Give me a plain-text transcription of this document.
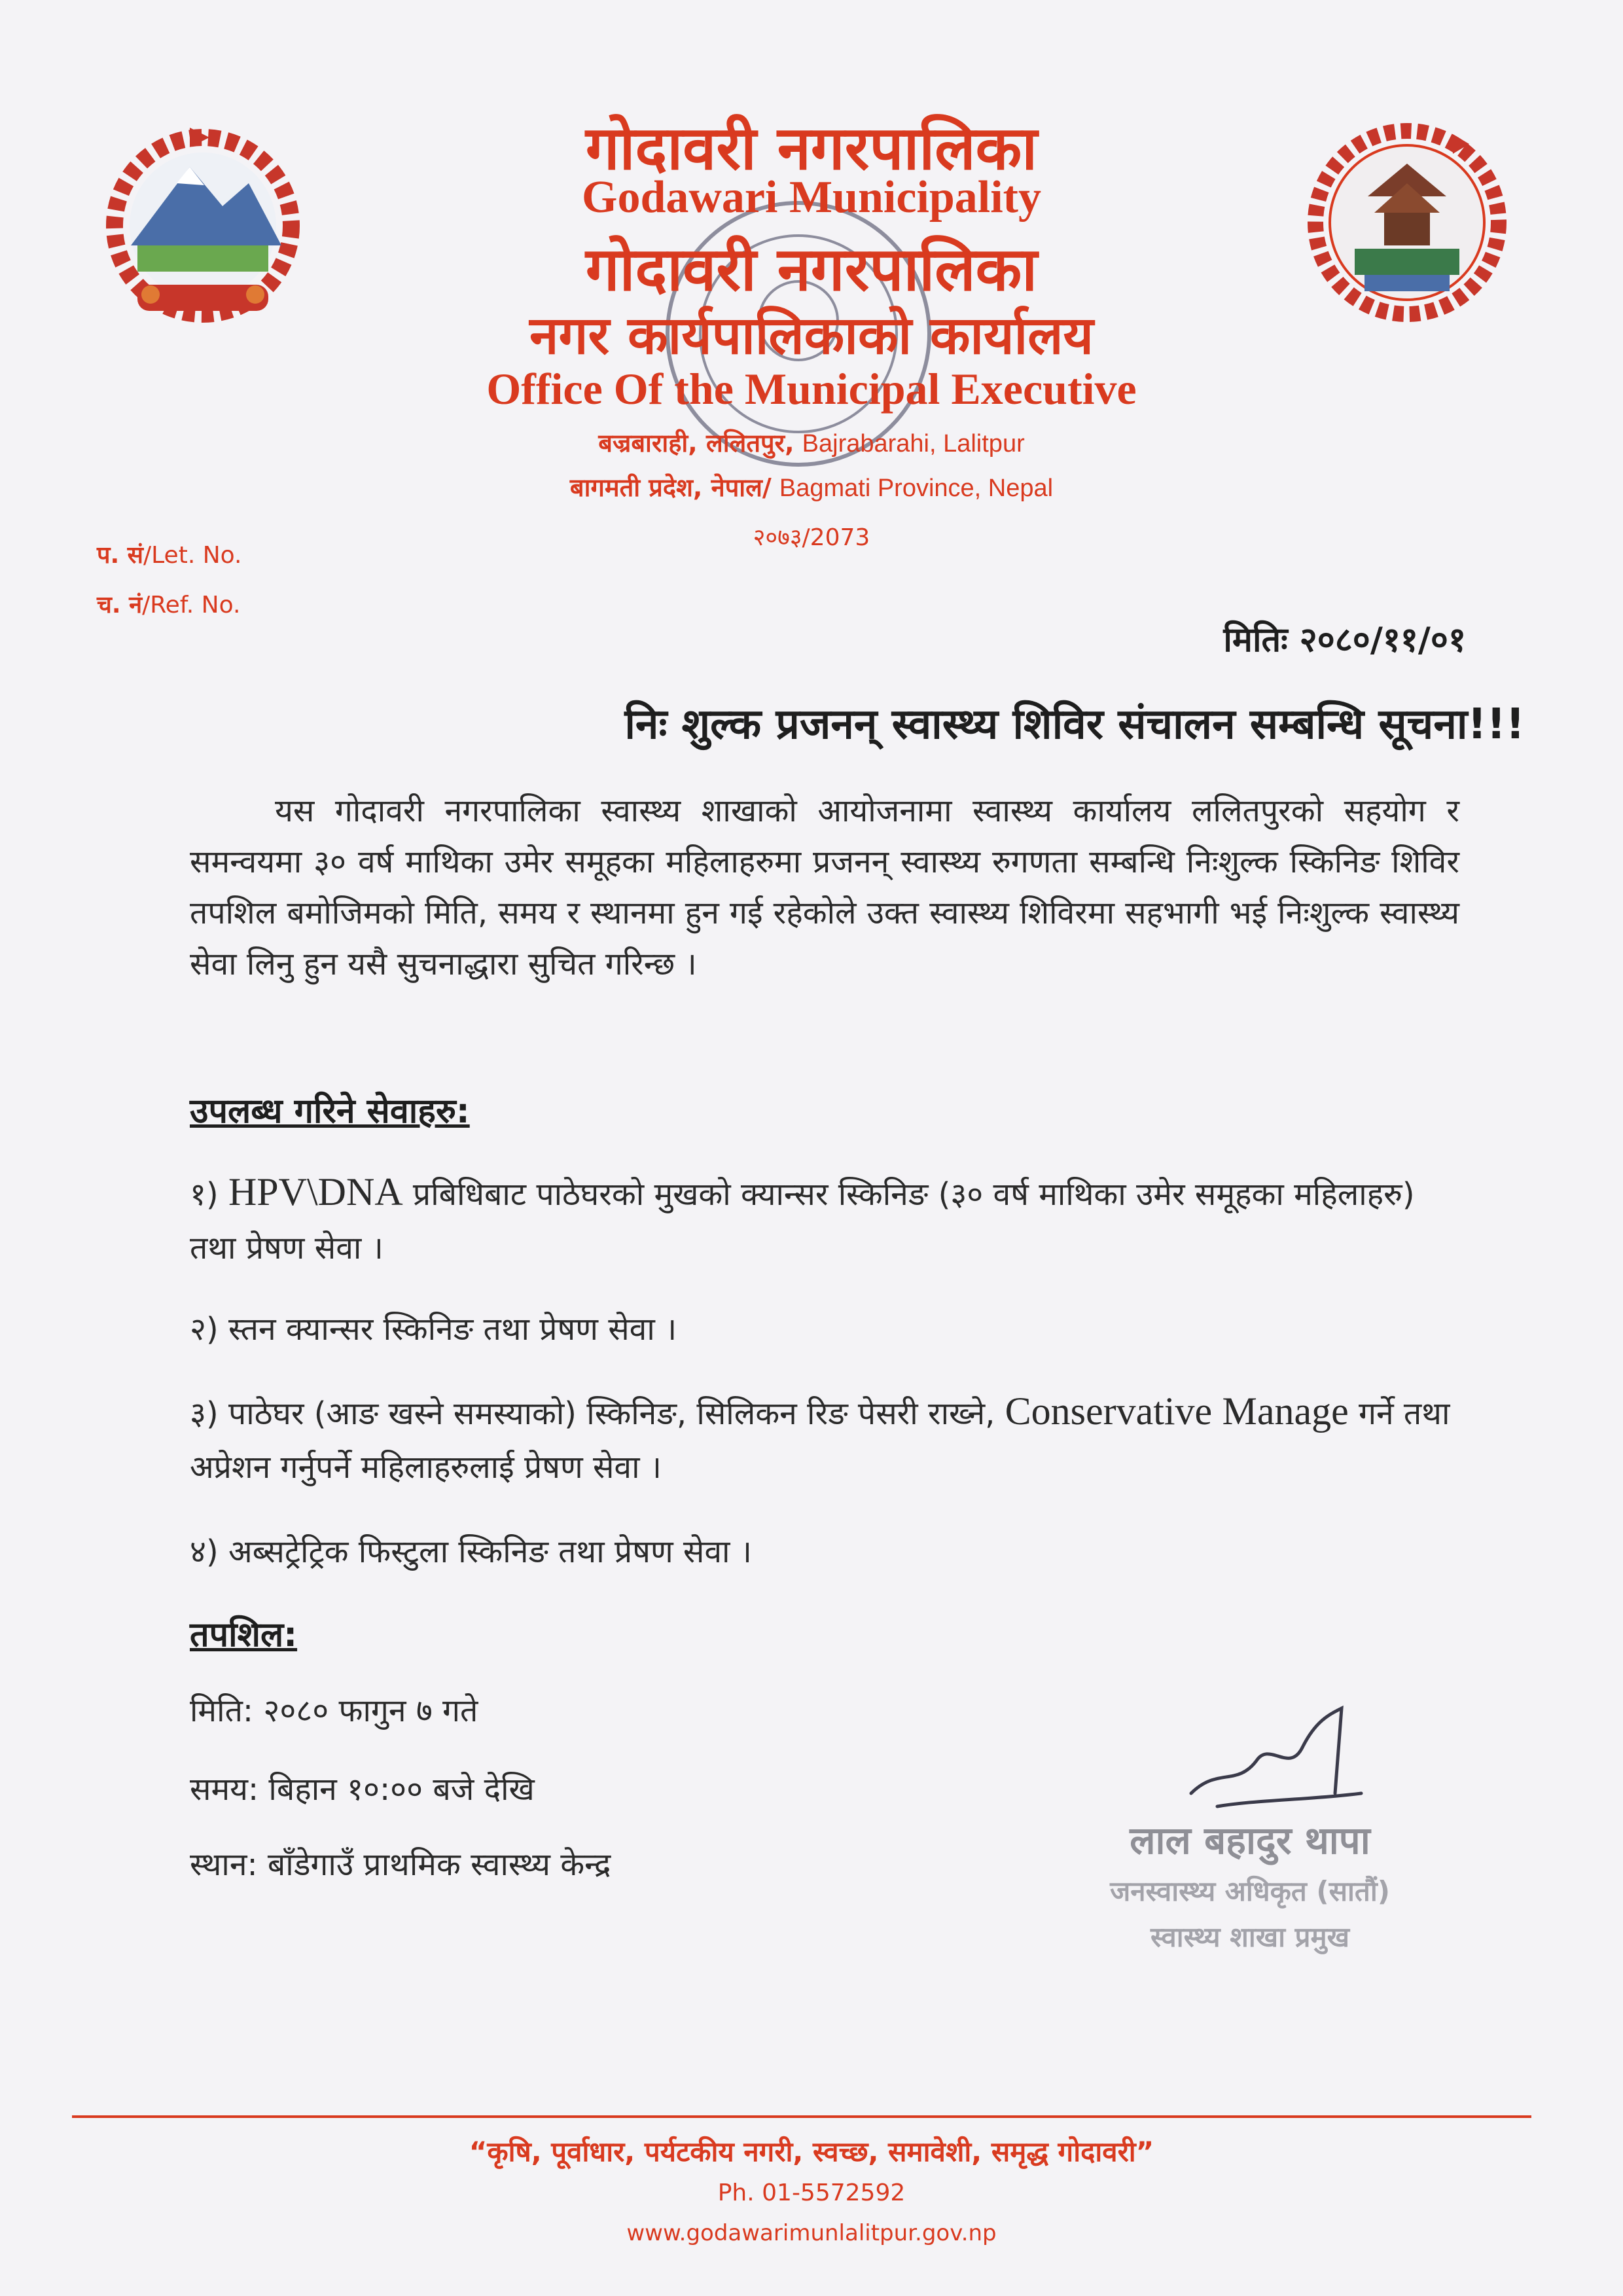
गोदावरी नगरपालिका
Godawari Municipality
गोदावरी नगरपालिका
नगर कार्यपालिकाको कार्यालय
Office Of the Municipal Executive
बज्रबाराही, ललितपुर, Bajrabarahi, Lalitpur
बागमती प्रदेश, नेपाल/ Bagmati Province, Nepal
२०७३/2073
प. सं/Let. No.
च. नं/Ref. No.
मितिः २०८०/११/०१
निः शुल्क प्रजनन् स्वास्थ्य शिविर संचालन सम्बन्धि सूचना!!!
यस गोदावरी नगरपालिका स्वास्थ्य शाखाको आयोजनामा स्वास्थ्य कार्यालय ललितपुरको सहयोग र समन्वयमा ३० वर्ष माथिका उमेर समूहका महिलाहरुमा प्रजनन् स्वास्थ्य रुगणता सम्बन्धि निःशुल्क स्किनिङ शिविर तपशिल बमोजिमको मिति, समय र स्थानमा हुन गई रहेकोले उक्त स्वास्थ्य शिविरमा सहभागी भई निःशुल्क स्वास्थ्य सेवा लिनु हुन यसै सुचनाद्धारा सुचित गरिन्छ ।
उपलब्ध गरिने सेवाहरु:
१) HPV\DNA प्रबिधिबाट पाठेघरको मुखको क्यान्सर स्किनिङ (३० वर्ष माथिका उमेर समूहका महिलाहरु) तथा प्रेषण सेवा ।
२) स्तन क्यान्सर स्किनिङ तथा प्रेषण सेवा ।
३) पाठेघर (आङ खस्ने समस्याको) स्किनिङ, सिलिकन रिङ पेसरी राख्ने, Conservative Manage गर्ने तथा अप्रेशन गर्नुपर्ने महिलाहरुलाई प्रेषण सेवा ।
४) अब्सट्रेट्रिक फिस्टुला स्किनिङ तथा प्रेषण सेवा ।
तपशिल:
मिति: २०८० फागुन ७ गते
समय: बिहान १०:०० बजे देखि
स्थान: बाँडेगाउँ प्राथमिक स्वास्थ्य केन्द्र
लाल बहादुर थापा
जनस्वास्थ्य अधिकृत (सातौं)
स्वास्थ्य शाखा प्रमुख
“कृषि, पूर्वाधार, पर्यटकीय नगरी, स्वच्छ, समावेशी, समृद्ध गोदावरी”
Ph. 01-5572592
www.godawarimunlalitpur.gov.np
